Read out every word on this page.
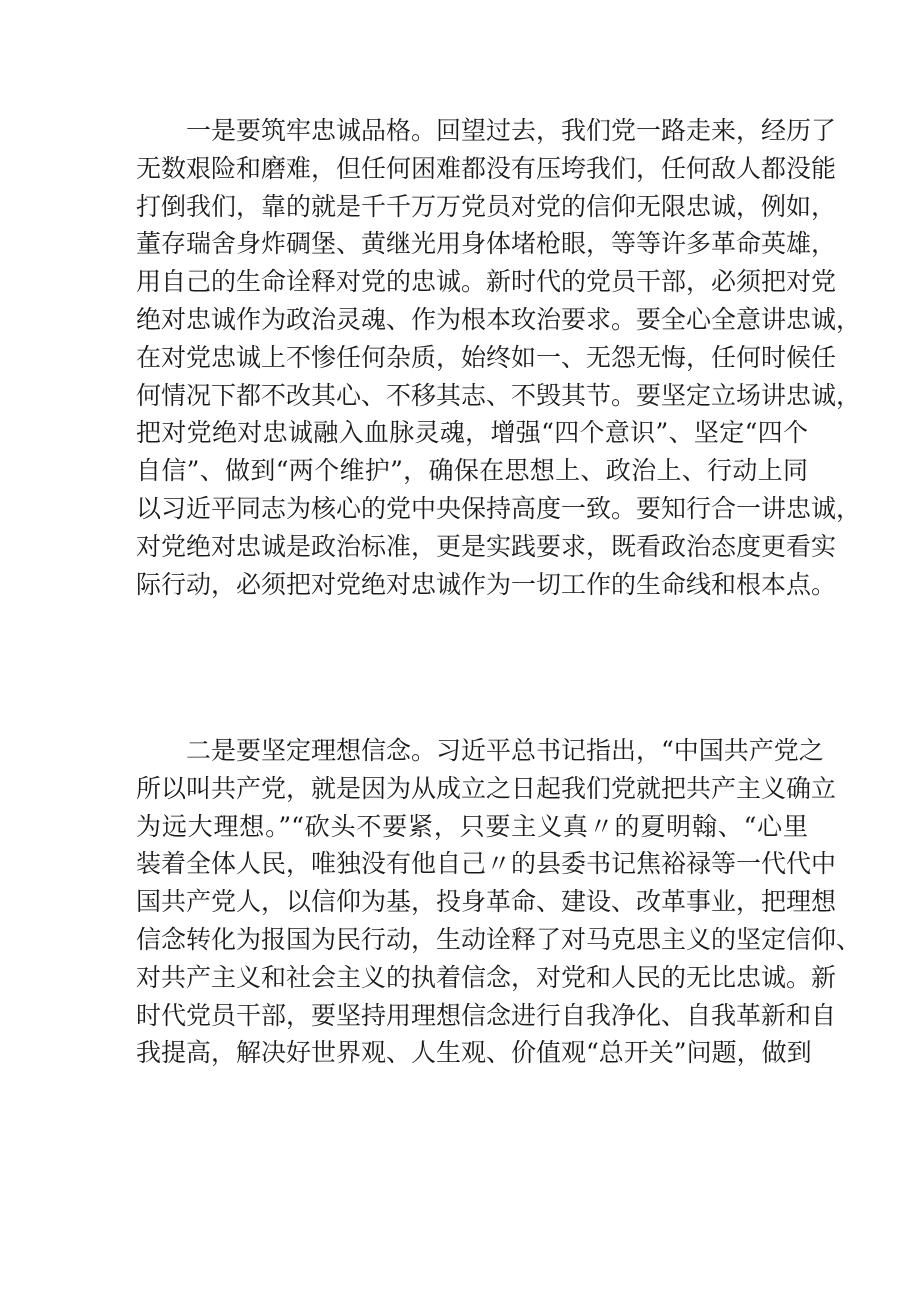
一是要筑牢忠诚品格。回望过去，我们党一路走来，经历了
无数艰险和磨难，但任何困难都没有压垮我们，任何敌人都没能
打倒我们，靠的就是千千万万党员对党的信仰无限忠诚，例如，
董存瑞舍身炸碉堡、黄继光用身体堵枪眼，等等许多革命英雄，
用自己的生命诠释对党的忠诚。新时代的党员干部，必须把对党
绝对忠诚作为政治灵魂、作为根本玫治要求。要全心全意讲忠诚，
在对党忠诚上不惨任何杂质，始终如一、无怨无悔，任何时候任
何情况下都不改其心、不移其志、不毁其节。要坚定立场讲忠诚，
把对党绝对忠诚融入血脉灵魂，增强“四个意识”、坚定“四个
自信”、做到“两个维护”，确保在思想上、政治上、行动上同
以习近平同志为核心的党中央保持高度一致。要知行合一讲忠诚，
对党绝对忠诚是政治标准，更是实践要求，既看政治态度更看实
际行动，必须把对党绝对忠诚作为一切工作的生命线和根本点。
二是要坚定理想信念。习近平总书记指出，“中国共产党之
所以叫共产党，就是因为从成立之日起我们党就把共产主义确立
为远大理想。”“砍头不要紧，只要主义真〃的夏明翰、“心里
装着全体人民，唯独没有他自己〃的县委书记焦裕禄等一代代中
国共产党人，以信仰为基，投身革命、建设、改革事业，把理想
信念转化为报国为民行动，生动诠释了对马克思主义的坚定信仰、
对共产主义和社会主义的执着信念，对党和人民的无比忠诚。新
时代党员干部，要坚持用理想信念进行自我净化、自我革新和自
我提高，解决好世界观、人生观、价值观“总开关”问题，做到
